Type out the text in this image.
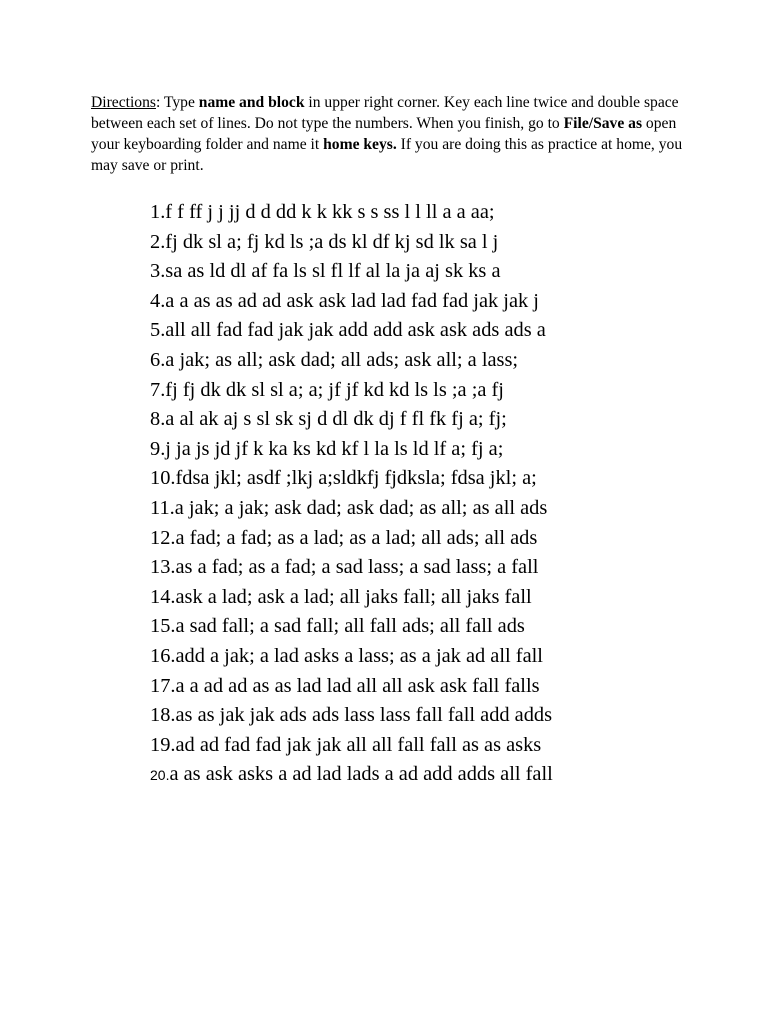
Directions: Type name and block in upper right corner. Key each line twice and double space between each set of lines. Do not type the numbers. When you finish, go to File/Save as open your keyboarding folder and name it home keys. If you are doing this as practice at home, you may save or print.

1.f f ff j j jj d d dd k k kk s s ss l l ll a a aa;
2.fj dk sl a; fj kd ls ;a ds kl df kj sd lk sa l j
3.sa as ld dl af fa ls sl fl lf al la ja aj sk ks a
4.a a as as ad ad ask ask lad lad fad fad jak jak j
5.all all fad fad jak jak add add ask ask ads ads a
6.a jak; as all; ask dad; all ads; ask all; a lass;
7.fj fj dk dk sl sl a; a; jf jf kd kd ls ls ;a ;a fj
8.a al ak aj s sl sk sj d dl dk dj f fl fk fj a; fj;
9.j ja js jd jf k ka ks kd kf l la ls ld lf a; fj a;
10.fdsa jkl; asdf ;lkj a;sldkfj fjdksla; fdsa jkl; a;
11.a jak; a jak; ask dad; ask dad; as all; as all ads
12.a fad; a fad; as a lad; as a lad; all ads; all ads
13.as a fad; as a fad; a sad lass; a sad lass; a fall
14.ask a lad; ask a lad; all jaks fall; all jaks fall
15.a sad fall; a sad fall; all fall ads; all fall ads
16.add a jak; a lad asks a lass; as a jak ad all fall
17.a a ad ad as as lad lad all all ask ask fall falls
18.as as jak jak ads ads lass lass fall fall add adds
19.ad ad fad fad jak jak all all fall fall as as asks
20.a as ask asks a ad lad lads a ad add adds all fall
